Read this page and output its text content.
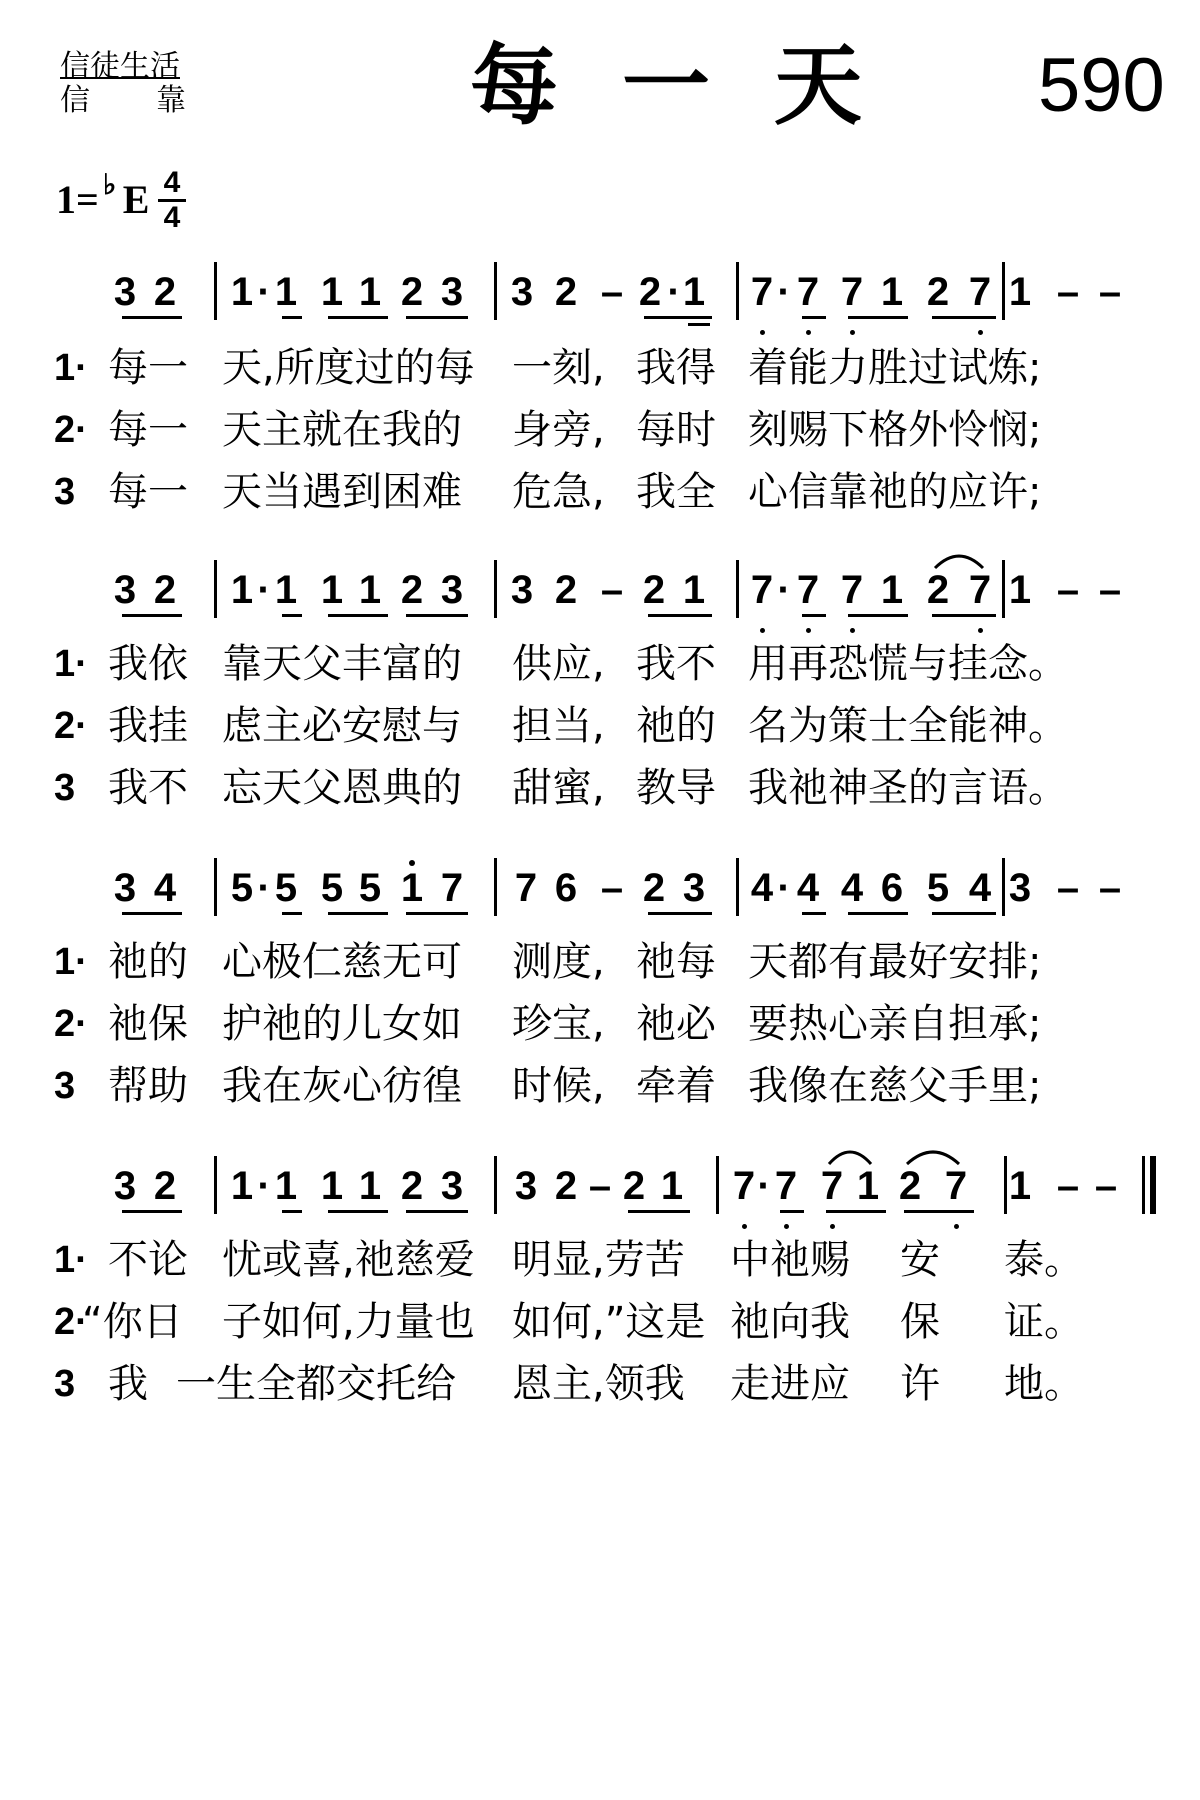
信徒生活
信 靠	每一天 590
1= ♭ E 4
4
3 2 1 · 1 1 1 2 3 3 2 – 2 · 1 7 · 7 7 1 2 7 1 – –
3 2 1 · 1 1 1 2 3 3 2 – 2 1 7 · 7 7 1 2 7 1 – –
3 4 5 · 5 5 5 1 7 7 6 – 2 3 4 · 4 4 6 5 4 3 – –
3 2 1 · 1 1 1 2 3 3 2 – 2 1 7 · 7 7 1 2 7 1 – –
1· 每一 天,所度过的每 一刻, 我得 着能力胜过试炼;
2· 每一 天主就在我的 身旁, 每时 刻赐下格外怜悯;
3 每一 天当遇到困难 危急, 我全 心信靠祂的应许;
1· 我依 靠天父丰富的 供应, 我不 用再恐慌与挂念。
2· 我挂 虑主必安慰与 担当, 祂的 名为策士全能神。
3 我不 忘天父恩典的 甜蜜, 教导 我祂神圣的言语。
1· 祂的 心极仁慈无可 测度, 祂每 天都有最好安排;
2· 祂保 护祂的儿女如 珍宝, 祂必 要热心亲自担承;
3 帮助 我在灰心彷徨 时候, 牵着 我像在慈父手里;
1· 不论 忧或喜,祂慈爱 明显,劳苦 中祂赐 安 泰。
2·
“你日 子如何,力量也 如何,”这是 祂向我 保 证。
3 我 一生全都交托给 恩主,领我 走进应 许 地。
